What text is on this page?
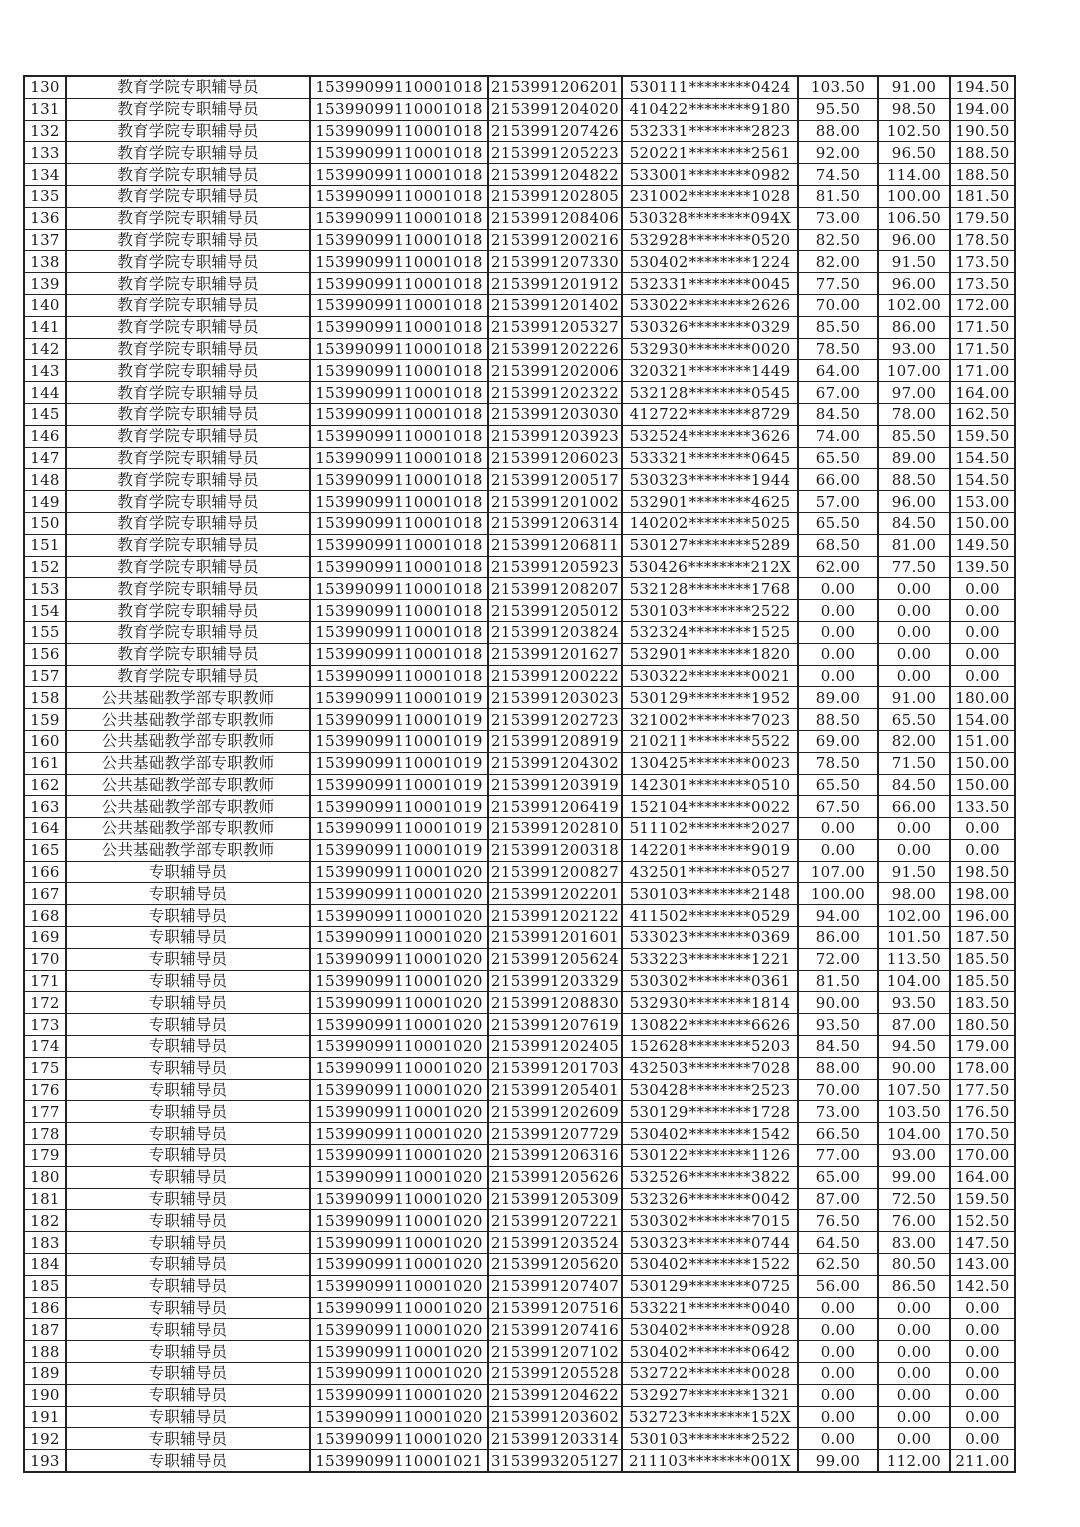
130	教育学院专职辅导员	15399099110001018	2153991206201	530111********0424	103.50	91.00	194.50
131	教育学院专职辅导员	15399099110001018	2153991204020	410422********9180	95.50	98.50	194.00
132	教育学院专职辅导员	15399099110001018	2153991207426	532331********2823	88.00	102.50	190.50
133	教育学院专职辅导员	15399099110001018	2153991205223	520221********2561	92.00	96.50	188.50
134	教育学院专职辅导员	15399099110001018	2153991204822	533001********0982	74.50	114.00	188.50
135	教育学院专职辅导员	15399099110001018	2153991202805	231002********1028	81.50	100.00	181.50
136	教育学院专职辅导员	15399099110001018	2153991208406	530328********094X	73.00	106.50	179.50
137	教育学院专职辅导员	15399099110001018	2153991200216	532928********0520	82.50	96.00	178.50
138	教育学院专职辅导员	15399099110001018	2153991207330	530402********1224	82.00	91.50	173.50
139	教育学院专职辅导员	15399099110001018	2153991201912	532331********0045	77.50	96.00	173.50
140	教育学院专职辅导员	15399099110001018	2153991201402	533022********2626	70.00	102.00	172.00
141	教育学院专职辅导员	15399099110001018	2153991205327	530326********0329	85.50	86.00	171.50
142	教育学院专职辅导员	15399099110001018	2153991202226	532930********0020	78.50	93.00	171.50
143	教育学院专职辅导员	15399099110001018	2153991202006	320321********1449	64.00	107.00	171.00
144	教育学院专职辅导员	15399099110001018	2153991202322	532128********0545	67.00	97.00	164.00
145	教育学院专职辅导员	15399099110001018	2153991203030	412722********8729	84.50	78.00	162.50
146	教育学院专职辅导员	15399099110001018	2153991203923	532524********3626	74.00	85.50	159.50
147	教育学院专职辅导员	15399099110001018	2153991206023	533321********0645	65.50	89.00	154.50
148	教育学院专职辅导员	15399099110001018	2153991200517	530323********1944	66.00	88.50	154.50
149	教育学院专职辅导员	15399099110001018	2153991201002	532901********4625	57.00	96.00	153.00
150	教育学院专职辅导员	15399099110001018	2153991206314	140202********5025	65.50	84.50	150.00
151	教育学院专职辅导员	15399099110001018	2153991206811	530127********5289	68.50	81.00	149.50
152	教育学院专职辅导员	15399099110001018	2153991205923	530426********212X	62.00	77.50	139.50
153	教育学院专职辅导员	15399099110001018	2153991208207	532128********1768	0.00	0.00	0.00
154	教育学院专职辅导员	15399099110001018	2153991205012	530103********2522	0.00	0.00	0.00
155	教育学院专职辅导员	15399099110001018	2153991203824	532324********1525	0.00	0.00	0.00
156	教育学院专职辅导员	15399099110001018	2153991201627	532901********1820	0.00	0.00	0.00
157	教育学院专职辅导员	15399099110001018	2153991200222	530322********0021	0.00	0.00	0.00
158	公共基础教学部专职教师	15399099110001019	2153991203023	530129********1952	89.00	91.00	180.00
159	公共基础教学部专职教师	15399099110001019	2153991202723	321002********7023	88.50	65.50	154.00
160	公共基础教学部专职教师	15399099110001019	2153991208919	210211********5522	69.00	82.00	151.00
161	公共基础教学部专职教师	15399099110001019	2153991204302	130425********0023	78.50	71.50	150.00
162	公共基础教学部专职教师	15399099110001019	2153991203919	142301********0510	65.50	84.50	150.00
163	公共基础教学部专职教师	15399099110001019	2153991206419	152104********0022	67.50	66.00	133.50
164	公共基础教学部专职教师	15399099110001019	2153991202810	511102********2027	0.00	0.00	0.00
165	公共基础教学部专职教师	15399099110001019	2153991200318	142201********9019	0.00	0.00	0.00
166	专职辅导员	15399099110001020	2153991200827	432501********0527	107.00	91.50	198.50
167	专职辅导员	15399099110001020	2153991202201	530103********2148	100.00	98.00	198.00
168	专职辅导员	15399099110001020	2153991202122	411502********0529	94.00	102.00	196.00
169	专职辅导员	15399099110001020	2153991201601	533023********0369	86.00	101.50	187.50
170	专职辅导员	15399099110001020	2153991205624	533223********1221	72.00	113.50	185.50
171	专职辅导员	15399099110001020	2153991203329	530302********0361	81.50	104.00	185.50
172	专职辅导员	15399099110001020	2153991208830	532930********1814	90.00	93.50	183.50
173	专职辅导员	15399099110001020	2153991207619	130822********6626	93.50	87.00	180.50
174	专职辅导员	15399099110001020	2153991202405	152628********5203	84.50	94.50	179.00
175	专职辅导员	15399099110001020	2153991201703	432503********7028	88.00	90.00	178.00
176	专职辅导员	15399099110001020	2153991205401	530428********2523	70.00	107.50	177.50
177	专职辅导员	15399099110001020	2153991202609	530129********1728	73.00	103.50	176.50
178	专职辅导员	15399099110001020	2153991207729	530402********1542	66.50	104.00	170.50
179	专职辅导员	15399099110001020	2153991206316	530122********1126	77.00	93.00	170.00
180	专职辅导员	15399099110001020	2153991205626	532526********3822	65.00	99.00	164.00
181	专职辅导员	15399099110001020	2153991205309	532326********0042	87.00	72.50	159.50
182	专职辅导员	15399099110001020	2153991207221	530302********7015	76.50	76.00	152.50
183	专职辅导员	15399099110001020	2153991203524	530323********0744	64.50	83.00	147.50
184	专职辅导员	15399099110001020	2153991205620	530402********1522	62.50	80.50	143.00
185	专职辅导员	15399099110001020	2153991207407	530129********0725	56.00	86.50	142.50
186	专职辅导员	15399099110001020	2153991207516	533221********0040	0.00	0.00	0.00
187	专职辅导员	15399099110001020	2153991207416	530402********0928	0.00	0.00	0.00
188	专职辅导员	15399099110001020	2153991207102	530402********0642	0.00	0.00	0.00
189	专职辅导员	15399099110001020	2153991205528	532722********0028	0.00	0.00	0.00
190	专职辅导员	15399099110001020	2153991204622	532927********1321	0.00	0.00	0.00
191	专职辅导员	15399099110001020	2153991203602	532723********152X	0.00	0.00	0.00
192	专职辅导员	15399099110001020	2153991203314	530103********2522	0.00	0.00	0.00
193	专职辅导员	15399099110001021	3153993205127	211103********001X	99.00	112.00	211.00
